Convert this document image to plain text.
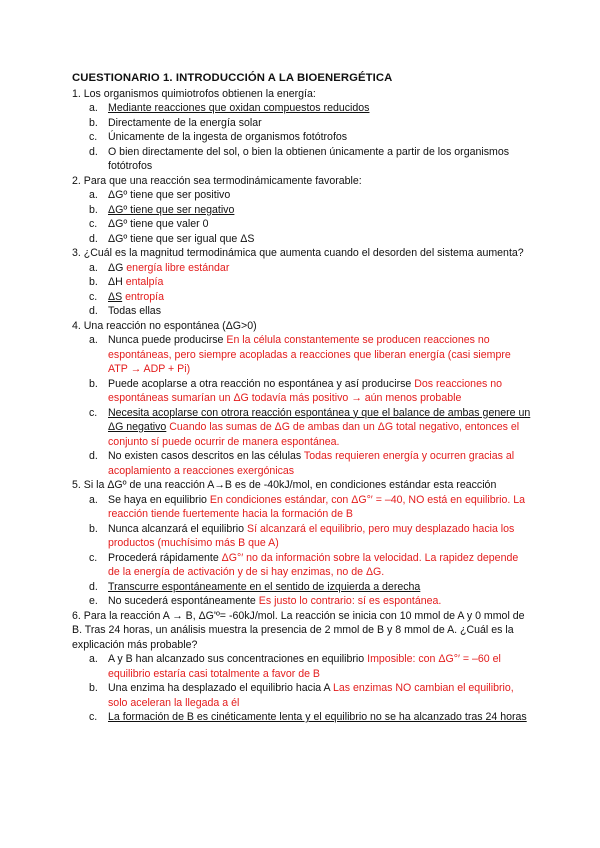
CUESTIONARIO 1. INTRODUCCIÓN A LA BIOENERGÉTICA

1. Los organismos quimiotrofos obtienen la energía:

a. Mediante reacciones que oxidan compuestos reducidos
b. Directamente de la energía solar
c. Únicamente de la ingesta de organismos fotótrofos
d. O bien directamente del sol, o bien la obtienen únicamente a partir de los organismos fotótrofos

2. Para que una reacción sea termodinámicamente favorable:

a. ΔGº tiene que ser positivo
b. ΔGº tiene que ser negativo
c. ΔGº tiene que valer 0
d. ΔGº tiene que ser igual que ΔS

3. ¿Cuál es la magnitud termodinámica que aumenta cuando el desorden del sistema aumenta?

a. ΔG energía libre estándar
b. ΔH entalpía
c. ΔS entropía
d. Todas ellas

4. Una reacción no espontánea (ΔG>0)

a. Nunca puede producirse En la célula constantemente se producen reacciones no espontáneas, pero siempre acopladas a reacciones que liberan energía (casi siempre ATP → ADP + Pi)
b. Puede acoplarse a otra reacción no espontánea y así producirse Dos reacciones no espontáneas sumarían un ΔG todavía más positivo → aún menos probable
c. Necesita acoplarse con otrora reacción espontánea y que el balance de ambas genere un ΔG negativo Cuando las sumas de ΔG de ambas dan un ΔG total negativo, entonces el conjunto sí puede ocurrir de manera espontánea.
d. No existen casos descritos en las células Todas requieren energía y ocurren gracias al acoplamiento a reacciones exergónicas

5. Si la ΔGº de una reacción A→B es de -40kJ/mol, en condiciones estándar esta reacción

a. Se haya en equilibrio En condiciones estándar, con ΔG°′ = –40, NO está en equilibrio. La reacción tiende fuertemente hacia la formación de B
b. Nunca alcanzará el equilibrio Sí alcanzará el equilibrio, pero muy desplazado hacia los productos (muchísimo más B que A)
c. Procederá rápidamente ΔG°′ no da información sobre la velocidad. La rapidez depende de la energía de activación y de si hay enzimas, no de ΔG.
d. Transcurre espontáneamente en el sentido de izquierda a derecha
e. No sucederá espontáneamente Es justo lo contrario: sí es espontánea.

6. Para la reacción A → B, ΔG'º= -60kJ/mol. La reacción se inicia con 10 mmol de A y 0 mmol de B. Tras 24 horas, un análisis muestra la presencia de 2 mmol de B y 8 mmol de A. ¿Cuál es la explicación más probable?

a. A y B han alcanzado sus concentraciones en equilibrio Imposible: con ΔG°′ = –60 el equilibrio estaría casi totalmente a favor de B
b. Una enzima ha desplazado el equilibrio hacia A Las enzimas NO cambian el equilibrio, solo aceleran la llegada a él
c. La formación de B es cinéticamente lenta y el equilibrio no se ha alcanzado tras 24 horas
